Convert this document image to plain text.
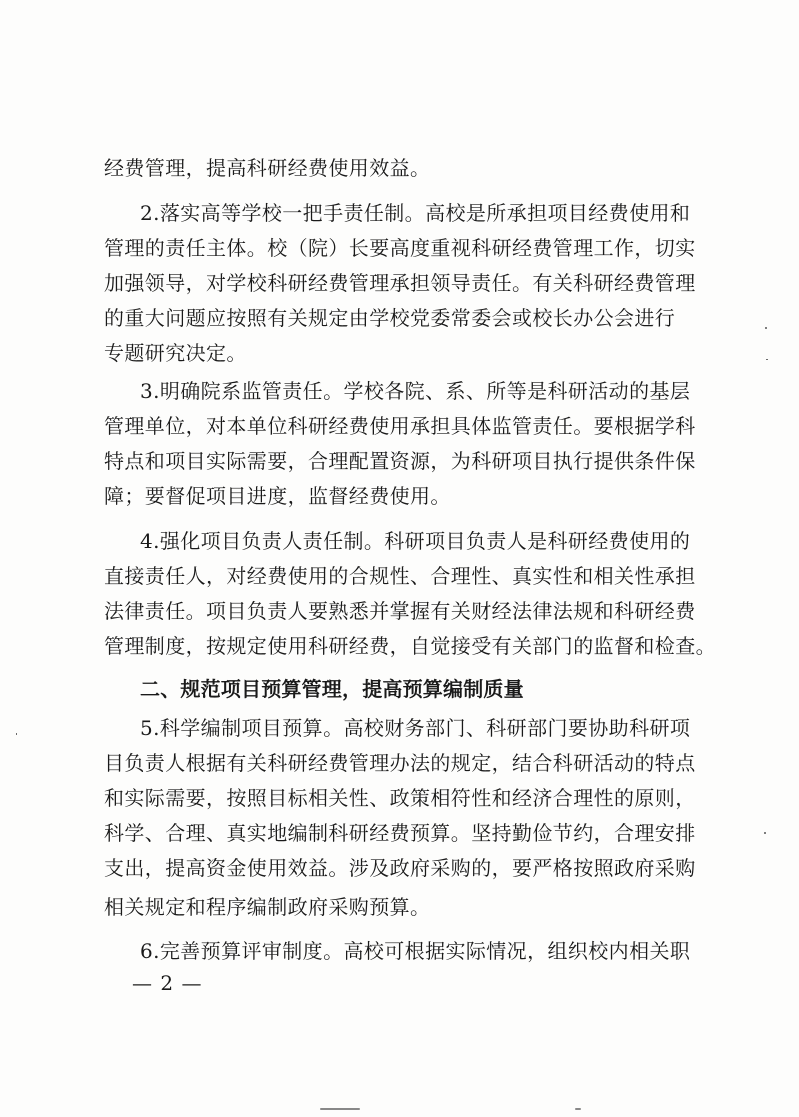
经费管理，提高科研经费使用效益。
2.落实高等学校一把手责任制。高校是所承担项目经费使用和
管理的责任主体。校（院）长要高度重视科研经费管理工作，切实
加强领导，对学校科研经费管理承担领导责任。有关科研经费管理
的重大问题应按照有关规定由学校党委常委会或校长办公会进行
专题研究决定。
3.明确院系监管责任。学校各院、系、所等是科研活动的基层
管理单位，对本单位科研经费使用承担具体监管责任。要根据学科
特点和项目实际需要，合理配置资源，为科研项目执行提供条件保
障；要督促项目进度，监督经费使用。
4.强化项目负责人责任制。科研项目负责人是科研经费使用的
直接责任人，对经费使用的合规性、合理性、真实性和相关性承担
法律责任。项目负责人要熟悉并掌握有关财经法律法规和科研经费
管理制度，按规定使用科研经费，自觉接受有关部门的监督和检查。
二、规范项目预算管理，提高预算编制质量
5.科学编制项目预算。高校财务部门、科研部门要协助科研项
目负责人根据有关科研经费管理办法的规定，结合科研活动的特点
和实际需要，按照目标相关性、政策相符性和经济合理性的原则，
科学、合理、真实地编制科研经费预算。坚持勤俭节约，合理安排
支出，提高资金使用效益。涉及政府采购的，要严格按照政府采购
相关规定和程序编制政府采购预算。
6.完善预算评审制度。高校可根据实际情况，组织校内相关职
— 2 —
